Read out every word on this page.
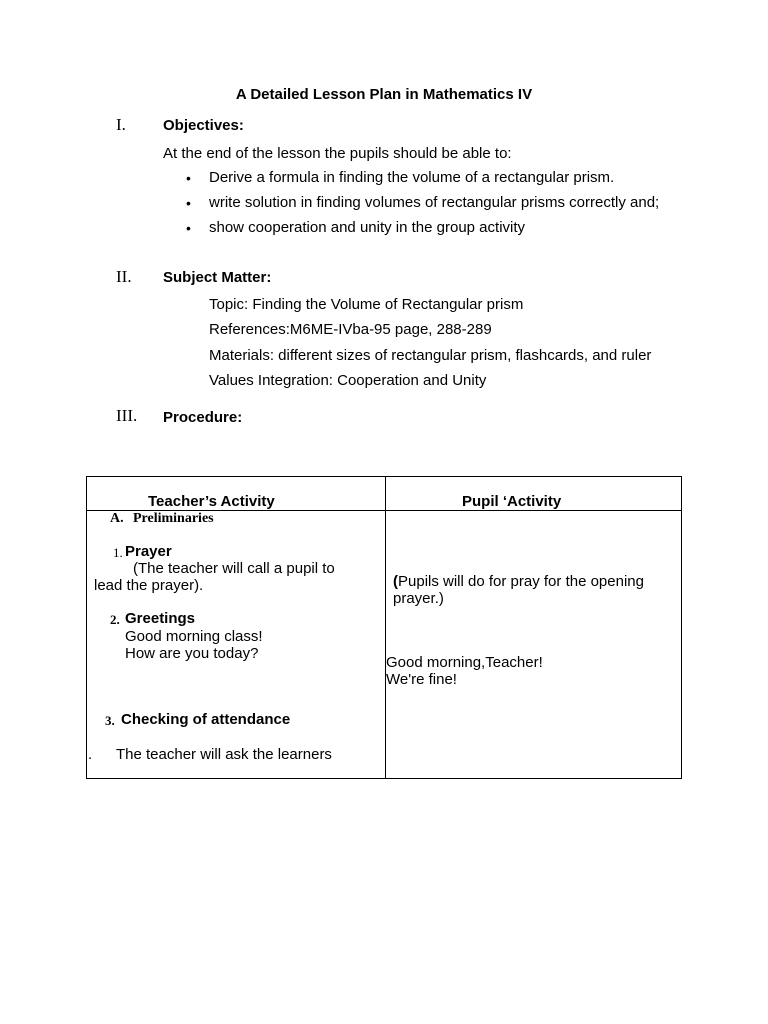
A Detailed Lesson Plan in Mathematics IV
I. Objectives:
At the end of the lesson the pupils should be able to:
• Derive a formula in finding the volume of a rectangular prism.
• write solution in finding volumes of rectangular prisms correctly and;
• show cooperation and unity in the group activity
II. Subject Matter:
Topic: Finding the Volume of Rectangular prism
References:M6ME-IVba-95 page, 288-289
Materials: different sizes of rectangular prism, flashcards, and ruler
Values Integration: Cooperation and Unity
III. Procedure:
Teacher’s Activity	Pupil ‘Activity
A. Preliminaries
1. Prayer
(The teacher will call a pupil to
lead the prayer).	( Pupils will do for pray for the opening
prayer.)
2. Greetings
Good morning class!
How are you today?
Good morning,Teacher!
We're fine!
3. Checking of attendance
. The teacher will ask the learners
